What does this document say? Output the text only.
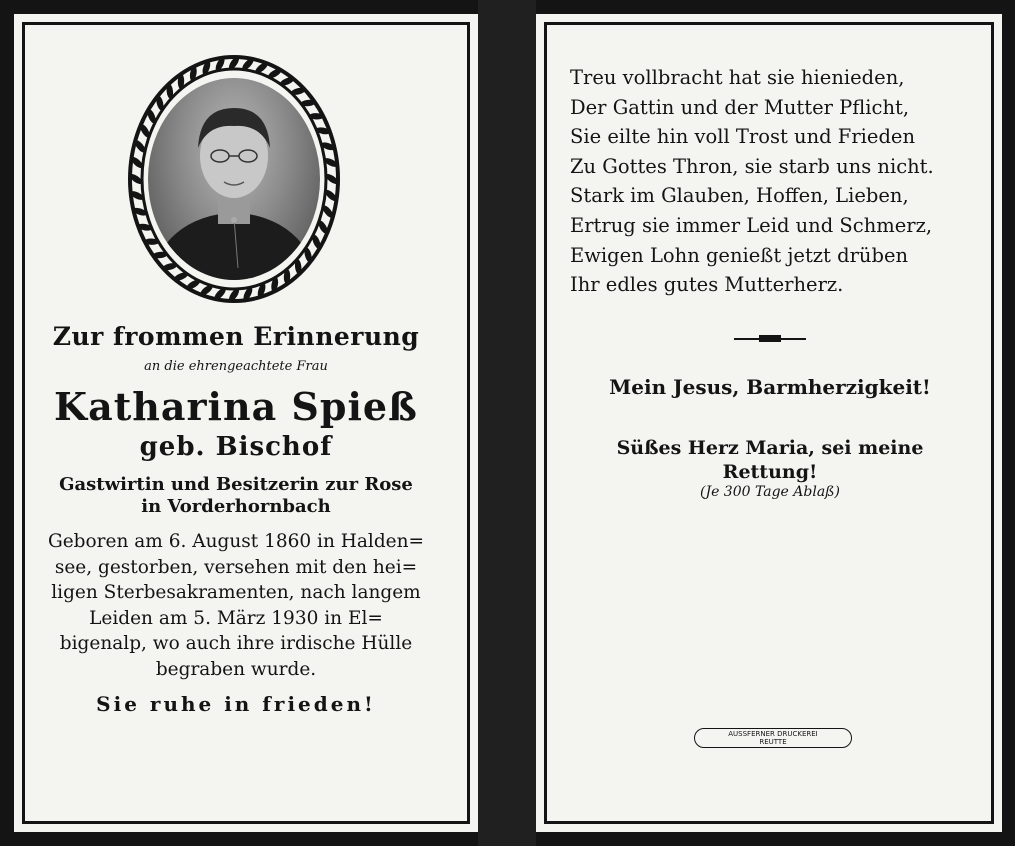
Zur frommen Erinnerung
an die ehrengeachtete Frau
Katharina Spieß
geb. Bischof
Gastwirtin und Besitzerin zur Rose
in Vorderhornbach
Geboren am 6. August 1860 in Halden=
see, gestorben, versehen mit den hei=
ligen Sterbesakramenten, nach langem
Leiden am 5. März 1930 in El=
bigenalp, wo auch ihre irdische Hülle
begraben wurde.
Sie ruhe in frieden!
Treu vollbracht hat sie hienieden,
Der Gattin und der Mutter Pflicht,
Sie eilte hin voll Trost und Frieden
Zu Gottes Thron, sie starb uns nicht.
Stark im Glauben, Hoffen, Lieben,
Ertrug sie immer Leid und Schmerz,
Ewigen Lohn genießt jetzt drüben
Ihr edles gutes Mutterherz.
Mein Jesus, Barmherzigkeit!
Süßes Herz Maria, sei meine
Rettung!
(Je 300 Tage Ablaß)
AUSSFERNER DRUCKEREI
REUTTE
